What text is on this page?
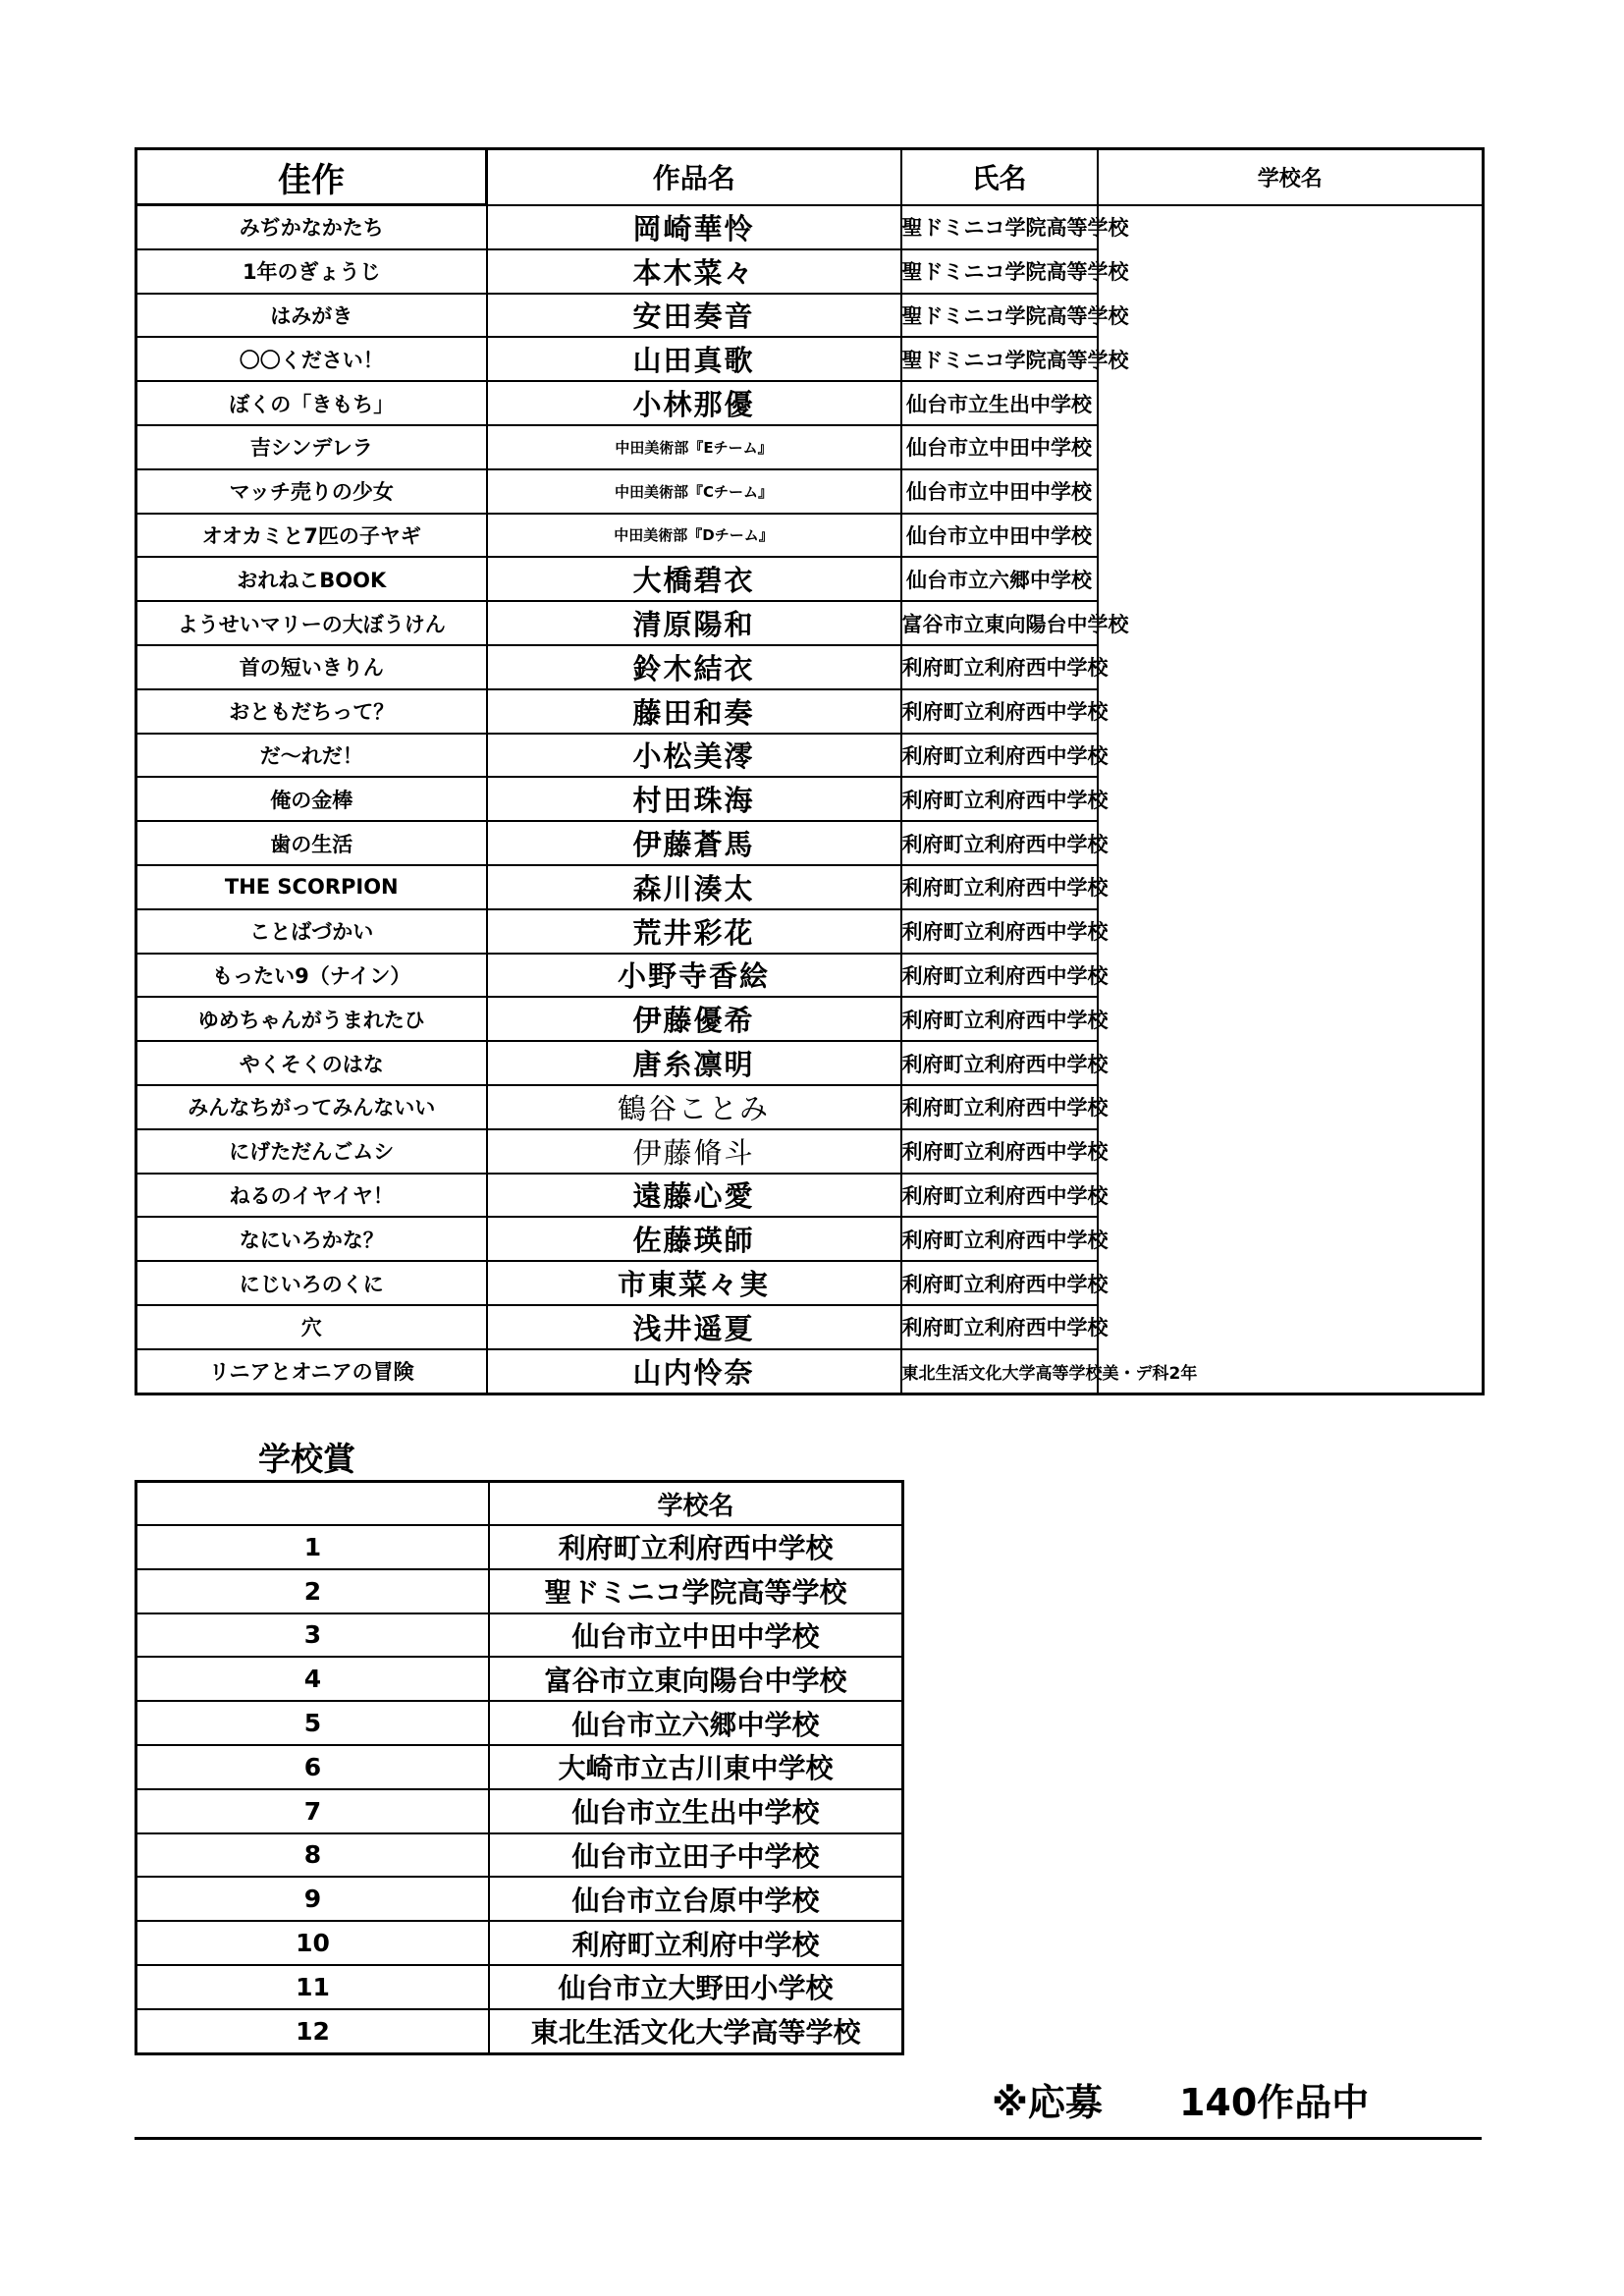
佳作	作品名	氏名	学校名
みぢかなかたち	岡崎華怜	聖ドミニコ学院高等学校	
1年のぎょうじ	本木菜々	聖ドミニコ学院高等学校	
はみがき	安田奏音	聖ドミニコ学院高等学校	
〇〇ください！	山田真歌	聖ドミニコ学院高等学校	
ぼくの「きもち」	小林那優	仙台市立生出中学校	
吉シンデレラ	中田美術部『Eチーム』	仙台市立中田中学校	
マッチ売りの少女	中田美術部『Cチーム』	仙台市立中田中学校	
オオカミと7匹の子ヤギ	中田美術部『Dチーム』	仙台市立中田中学校	
おれねこBOOK	大橋碧衣	仙台市立六郷中学校	
ようせいマリーの大ぼうけん	清原陽和	富谷市立東向陽台中学校	
首の短いきりん	鈴木結衣	利府町立利府西中学校	
おともだちって？	藤田和奏	利府町立利府西中学校	
だ～れだ！	小松美澪	利府町立利府西中学校	
俺の金棒	村田珠海	利府町立利府西中学校	
歯の生活	伊藤蒼馬	利府町立利府西中学校	
THE SCORPION	森川湊太	利府町立利府西中学校	
ことばづかい	荒井彩花	利府町立利府西中学校	
もったい9（ナイン）	小野寺香絵	利府町立利府西中学校	
ゆめちゃんがうまれたひ	伊藤優希	利府町立利府西中学校	
やくそくのはな	唐糸凛明	利府町立利府西中学校	
みんなちがってみんないい	鶴谷ことみ	利府町立利府西中学校	
にげただんごムシ	伊藤脩斗	利府町立利府西中学校	
ねるのイヤイヤ！	遠藤心愛	利府町立利府西中学校	
なにいろかな？	佐藤瑛師	利府町立利府西中学校	
にじいろのくに	市東菜々実	利府町立利府西中学校	
穴	浅井遥夏	利府町立利府西中学校	
リニアとオニアの冒険	山内怜奈	東北生活文化大学高等学校美・デ科2年	
学校賞
	学校名
1	利府町立利府西中学校
2	聖ドミニコ学院高等学校
3	仙台市立中田中学校
4	富谷市立東向陽台中学校
5	仙台市立六郷中学校
6	大崎市立古川東中学校
7	仙台市立生出中学校
8	仙台市立田子中学校
9	仙台市立台原中学校
10	利府町立利府中学校
11	仙台市立大野田小学校
12	東北生活文化大学高等学校
※応募 140作品中
